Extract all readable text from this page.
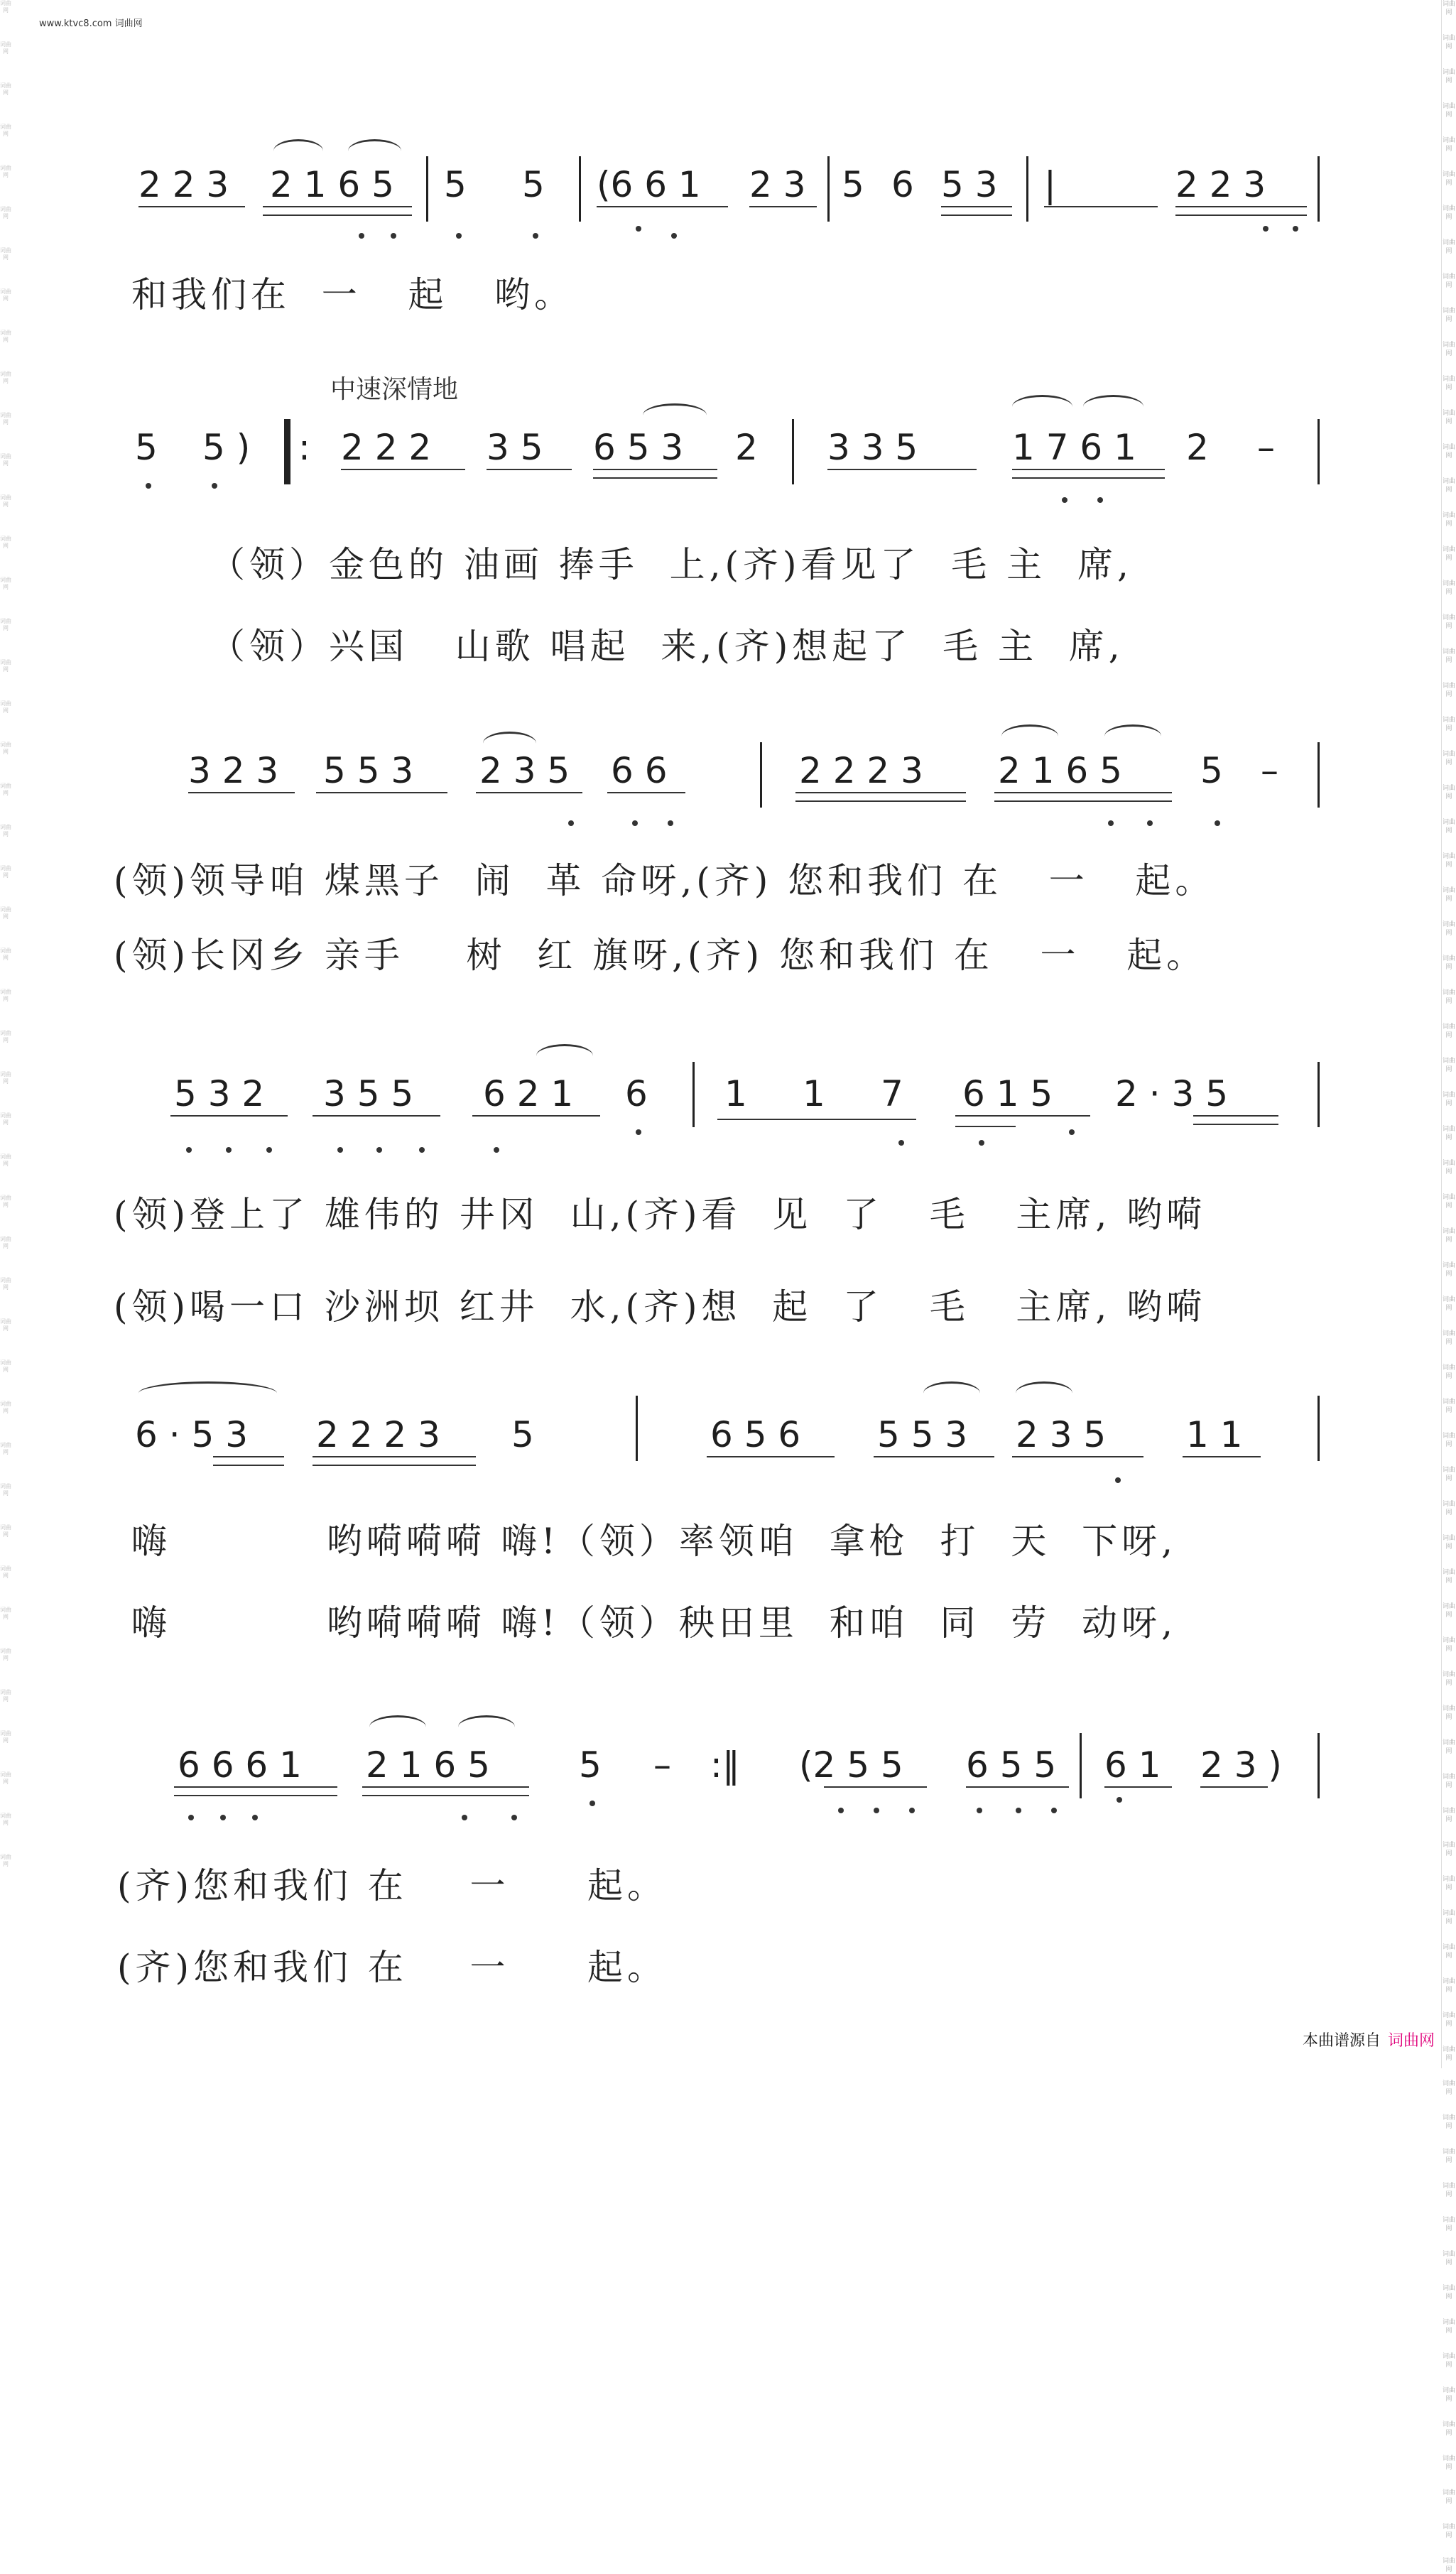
www.ktvc8.com 词曲网
词曲网
词曲网
词曲网
词曲网
词曲网
词曲网
词曲网
词曲网
词曲网
词曲网
词曲网
词曲网
词曲网
词曲网
词曲网
词曲网
词曲网
词曲网
词曲网
词曲网
词曲网
词曲网
词曲网
词曲网
词曲网
词曲网
词曲网
词曲网
词曲网
词曲网
词曲网
词曲网
词曲网
词曲网
词曲网
词曲网
词曲网
词曲网
词曲网
词曲网
词曲网
词曲网
词曲网
词曲网
词曲网
词曲网
词曲网
词曲网
词曲网
词曲网
词曲网
词曲网
词曲网
词曲网
词曲网
词曲网
词曲网
词曲网
词曲网
词曲网
词曲网
词曲网
词曲网
词曲网
词曲网
词曲网
词曲网
词曲网
词曲网
词曲网
词曲网
词曲网
词曲网
词曲网
词曲网
词曲网
词曲网
词曲网
词曲网
词曲网
词曲网
词曲网
词曲网
词曲网
词曲网
词曲网
词曲网
词曲网
词曲网
词曲网
词曲网
词曲网
词曲网
词曲网
词曲网
词曲网
词曲网
词曲网
词曲网
词曲网
词曲网
词曲网
词曲网
词曲网
词曲网
词曲网
词曲网
词曲网
词曲网
词曲网
词曲网
词曲网
词曲网
词曲网
词曲网
词曲网
词曲网
词曲网
词曲网
词曲网
词曲网
词曲网
2 2 3 2 1 6 5 5 5 (6 6 1 2 3 5 6 5 3 |	2 2 3
和我们在  一   起   哟。
中速深情地
5 5 ) : 2 2 2 3 5 6 5 3 2 3 3 5	1 7 6 1 2 –
（领）金色的 油画 捧手  上,(齐)看见了  毛 主  席,
（领）兴国   山歌 唱起  来,(齐)想起了  毛 主  席,
3 2 3 5 5 3 2 3 5 6 6	2 2 2 3 2 1 6 5 5 –
(领)领导咱 煤黑子  闹  革 命呀,(齐) 您和我们 在   一   起。
(领)长冈乡 亲手    树  红 旗呀,(齐) 您和我们 在   一   起。
5 3 2 3 5 5 6 2 1 6 1 1 7 6 1 5 2 · 3 5
(领)登上了 雄伟的 井冈  山,(齐)看  见  了   毛   主席, 哟嗬
(领)喝一口 沙洲坝 红井  水,(齐)想  起  了   毛   主席, 哟嗬
6 · 5 3 2 2 2 3 5	6 5 6 5 5 3 2 3 5 1 1
嗨          哟嗬嗬嗬 嗨!（领）率领咱  拿枪  打  天  下呀,
嗨          哟嗬嗬嗬 嗨!（领）秧田里  和咱  同  劳  动呀,
6 6 6 1 2 1 6 5	5 – :‖ (2 5 5 6 5 5 6 1 2 3 )
(齐)您和我们 在    一     起。
(齐)您和我们 在    一     起。
本曲谱源自 词曲网
